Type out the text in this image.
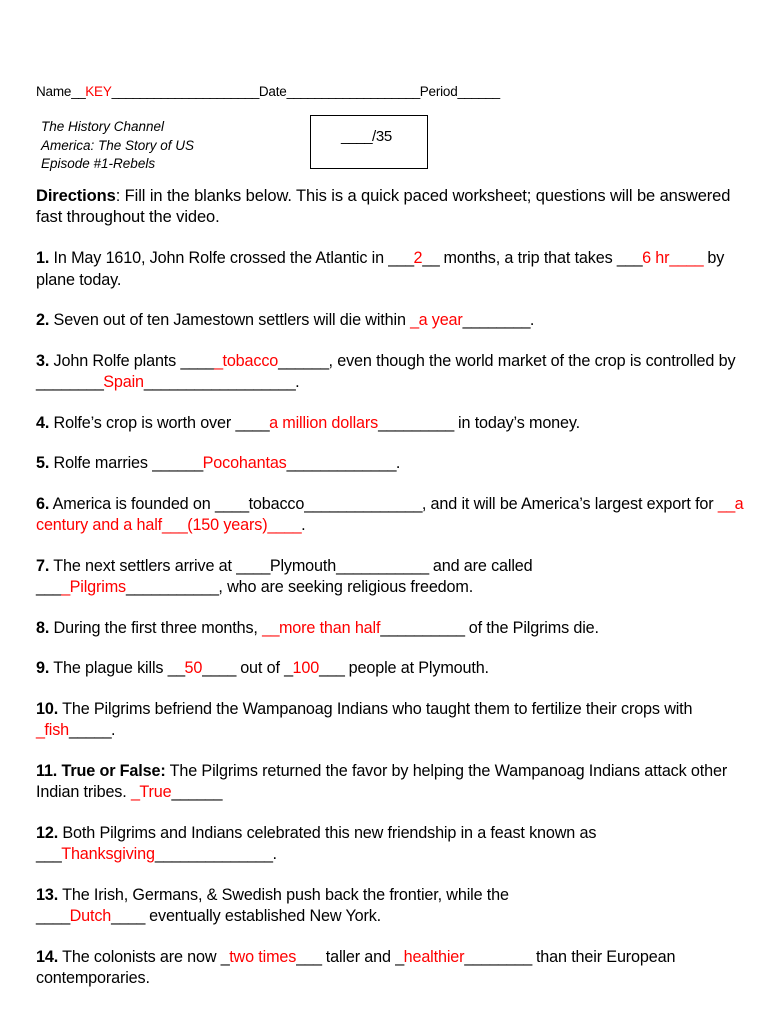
Name__KEY_____________________Date___________________Period______
The History Channel
America: The Story of US
Episode #1-Rebels
____/35
Directions: Fill in the blanks below. This is a quick paced worksheet; questions will be answered fast throughout the video.
1. In May 1610, John Rolfe crossed the Atlantic in ___2__ months, a trip that takes ___6 hr____ by plane today.
2. Seven out of ten Jamestown settlers will die within _a year________.
3. John Rolfe plants _____tobacco______, even though the world market of the crop is controlled by ________Spain__________________.
4. Rolfe’s crop is worth over ____a million dollars_________ in today’s money.
5. Rolfe marries ______Pocohantas_____________.
6. America is founded on ____tobacco______________, and it will be America’s largest export for __a century and a half___(150 years)____.
7. The next settlers arrive at ____Plymouth___________ and are called
____Pilgrims___________, who are seeking religious freedom.
8. During the first three months, __more than half__________ of the Pilgrims die.
9. The plague kills __50____ out of _100___ people at Plymouth.
10. The Pilgrims befriend the Wampanoag Indians who taught them to fertilize their crops with _fish_____.
11. True or False: The Pilgrims returned the favor by helping the Wampanoag Indians attack other Indian tribes. _True______
12. Both Pilgrims and Indians celebrated this new friendship in a feast known as
___Thanksgiving______________.
13. The Irish, Germans, & Swedish push back the frontier, while the
____Dutch____ eventually established New York.
14. The colonists are now _two times___ taller and _healthier________ than their European contemporaries.
